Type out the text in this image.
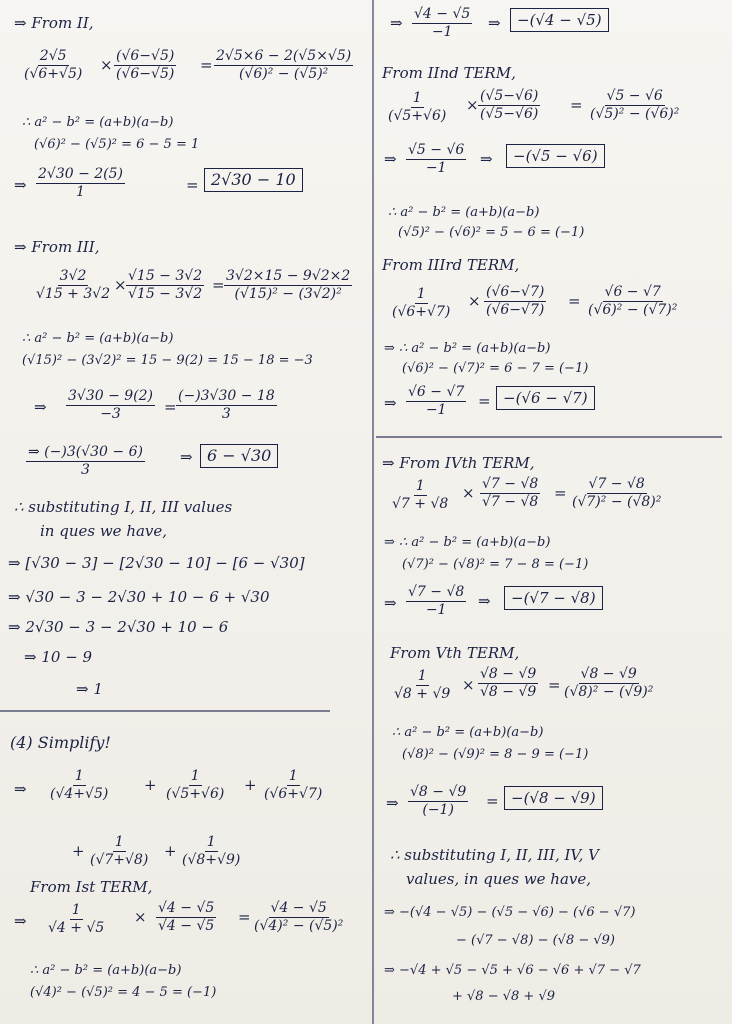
⇒ From II,
$\frac{2√5}{(√6+√5)} \times \frac{(√6-√5)}{(√6-√5)} = \frac{2√5\times 6 - 2(√5\times√5)}{\text{(√6)² − (√5)²}}$
∴ a² − b² = (a+b)(a−b)
(√6)² − (√5)² = 6 − 5 = 1
⇒ $\frac{2√30 - 2(5)}{1}$	= 2√30 − 10
⇒ From III,
$\frac{3√2}{√15 + 3√2} \times \frac{√15 - 3√2}{√15 - 3√2} = \frac{3√2\times 15 - 9√2\times 2}{\text{(√15)² − (3√2)²}}$
∴ a² − b² = (a+b)(a−b)
(√15)² − (3√2)² = 15 − 9(2) = 15 − 18 = −3
⇒ $\frac{3√30 - 9(2)}{-3} = \frac{(-)3√30 - 18}{3}$
$\frac{\Rightarrow (-)3(√30 - 6)}{3}$ ⇒ 6 − √30
∴ substituting I, II, III values
in ques we have,
⇒ [√30 − 3] − [2√30 − 10] − [6 − √30]
⇒ √30 − 3 − 2√30 + 10 − 6 + √30
⇒ 2√30 − 3 − 2√30 + 10 − 6
⇒ 10 − 9
⇒ 1
(4) Simplify!
⇒ $\frac{1}{(√4+√5)} + \frac{1}{(√5+√6)} + \frac{1}{(√6+√7)}$
+ $\frac{1}{(√7+√8)} + \frac{1}{(√8+√9)}$
From Ist TERM,
⇒ $\frac{1}{√4 + √5} \times \frac{√4 - √5}{√4 - √5} = \frac{√4 - √5}{\text{(√4)² − (√5)²}}$
∴ a² − b² = (a+b)(a−b)
(√4)² − (√5)² = 4 − 5 = (−1)
⇒ $\frac{√4 - √5}{-1}$ ⇒	−(√4 − √5)
From IInd TERM,
$\frac{1}{(√5+√6)} \times \frac{(√5-√6)}{(√5-√6)} = \frac{√5 - √6}{\text{(√5)² − (√6)²}}$
⇒ $\frac{√5 - √6}{-1}$ ⇒	−(√5 − √6)
∴ a² − b² = (a+b)(a−b)
(√5)² − (√6)² = 5 − 6 = (−1)
From IIIrd TERM,
$\frac{1}{(√6+√7)} \times \frac{(√6-√7)}{(√6-√7)} = \frac{√6 - √7}{\text{(√6)² − (√7)²}}$
⇒ ∴ a² − b² = (a+b)(a−b)
(√6)² − (√7)² = 6 − 7 = (−1)
⇒ $\frac{√6 - √7}{-1} = -(√6 - √7)$
⇒ From IVth TERM,
$\frac{1}{√7 + √8} \times \frac{√7 - √8}{√7 - √8} = \frac{√7 - √8}{\text{(√7)² − (√8)²}}$
⇒ ∴ a² − b² = (a+b)(a−b)
(√7)² − (√8)² = 7 − 8 = (−1)
⇒ $\frac{√7 - √8}{-1}$ ⇒	−(√7 − √8)
From Vth TERM,
$\frac{1}{√8 + √9} \times \frac{√8 - √9}{√8 - √9} = \frac{√8 - √9}{\text{(√8)² − (√9)²}}$
∴ a² − b² = (a+b)(a−b)
(√8)² − (√9)² = 8 − 9 = (−1)
⇒ $\frac{√8 - √9}{(-1)} = -(√8 - √9)$
∴ substituting I, II, III, IV, V
values, in ques we have,
⇒ −(√4 − √5) − (√5 − √6) − (√6 − √7)
− (√7 − √8) − (√8 − √9)
⇒ −√4 + √5 − √5 + √6 − √6 + √7 − √7
+ √8 − √8 + √9
